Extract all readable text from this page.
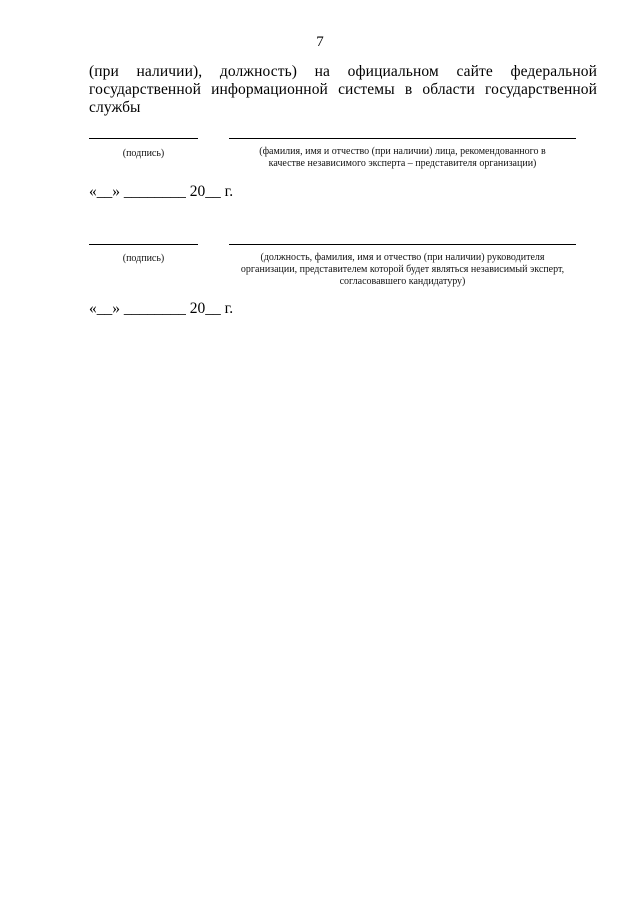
7
(при наличии), должность) на официальном сайте федеральной государственной информационной системы в области государственной службы
(подпись)	(фамилия, имя и отчество (при наличии) лица, рекомендованного в качестве независимого эксперта – представителя организации)
«__» ________ 20__ г.
(подпись)	(должность, фамилия, имя и отчество (при наличии) руководителя организации, представителем которой будет являться независимый эксперт, согласовавшего кандидатуру)
«__» ________ 20__ г.
